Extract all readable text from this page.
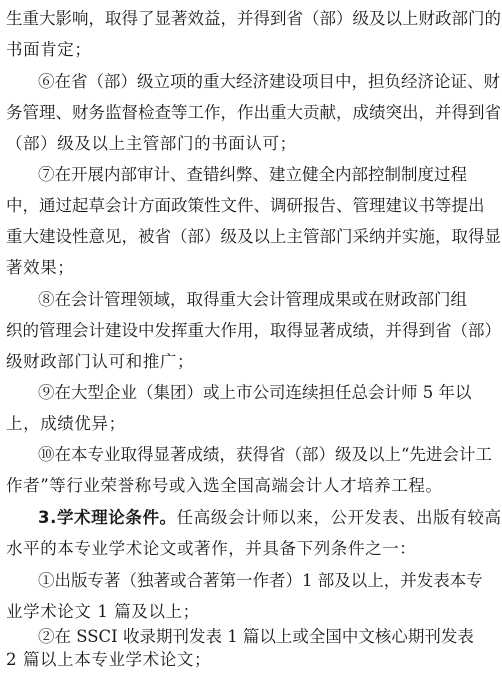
生重大影响，取得了显著效益，并得到省（部）级及以上财政部门的
书面肯定；
⑥在省（部）级立项的重大经济建设项目中，担负经济论证、财
务管理、财务监督检查等工作，作出重大贡献，成绩突出，并得到省
（部）级及以上主管部门的书面认可；
⑦在开展内部审计、查错纠弊、建立健全内部控制制度过程
中，通过起草会计方面政策性文件、调研报告、管理建议书等提出
重大建设性意见，被省（部）级及以上主管部门采纳并实施，取得显
著效果；
⑧在会计管理领域，取得重大会计管理成果或在财政部门组
织的管理会计建设中发挥重大作用，取得显著成绩，并得到省（部）
级财政部门认可和推广；
⑨在大型企业（集团）或上市公司连续担任总会计师 5 年以
上，成绩优异；
⑩在本专业取得显著成绩，获得省（部）级及以上“先进会计工
作者”等行业荣誉称号或入选全国高端会计人才培养工程。
3.学术理论条件。任高级会计师以来，公开发表、出版有较高
水平的本专业学术论文或著作，并具备下列条件之一：
①出版专著（独著或合著第一作者）1 部及以上，并发表本专
业学术论文 1 篇及以上；
②在 SSCI 收录期刊发表 1 篇以上或全国中文核心期刊发表
2 篇以上本专业学术论文；
